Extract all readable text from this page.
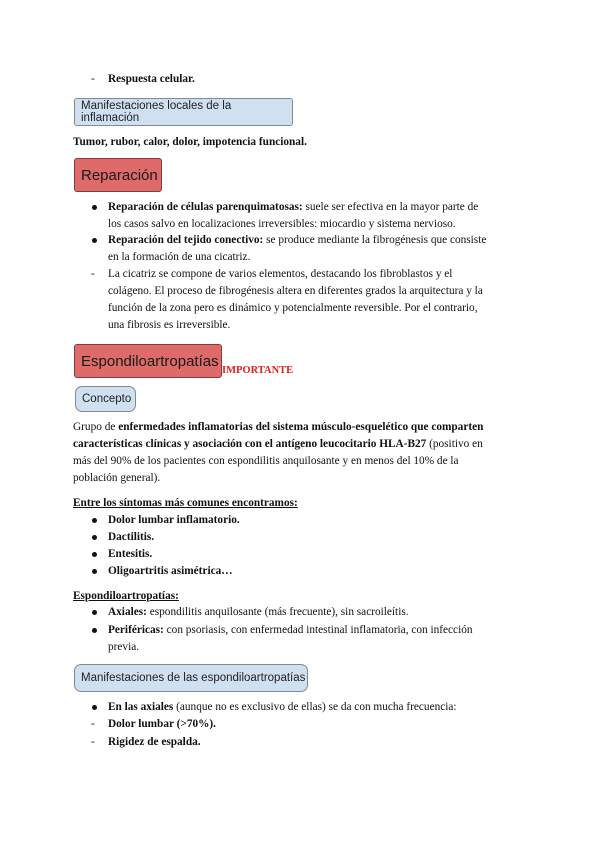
- Respuesta celular.
Manifestaciones locales de la inflamación
Tumor, rubor, calor, dolor, impotencia funcional.
Reparación
Reparación de células parenquimatosas: suele ser efectiva en la mayor parte de
los casos salvo en localizaciones irreversibles: miocardio y sistema nervioso.
Reparación del tejido conectivo: se produce mediante la fibrogénesis que consiste
en la formación de una cicatriz.
- La cicatriz se compone de varios elementos, destacando los fibroblastos y el
colágeno. El proceso de fibrogénesis altera en diferentes grados la arquitectura y la
función de la zona pero es dinámico y potencialmente reversible. Por el contrario,
una fibrosis es irreversible.
Espondiloartropatías
IMPORTANTE
Concepto
Grupo de enfermedades inflamatorias del sistema músculo-esquelético que comparten
características clínicas y asociación con el antígeno leucocitario HLA-B27 (positivo en
más del 90% de los pacientes con espondilitis anquilosante y en menos del 10% de la
población general).
Entre los síntomas más comunes encontramos:
Dolor lumbar inflamatorio.
Dactilitis.
Entesitis.
Oligoartritis asimétrica…
Espondiloartropatías:
Axiales: espondilitis anquilosante (más frecuente), sin sacroileítis.
Periféricas: con psoriasis, con enfermedad intestinal inflamatoria, con infección
previa.
Manifestaciones de las espondiloartropatías
En las axiales (aunque no es exclusivo de ellas) se da con mucha frecuencia:
- Dolor lumbar (>70%).
- Rigidez de espalda.
